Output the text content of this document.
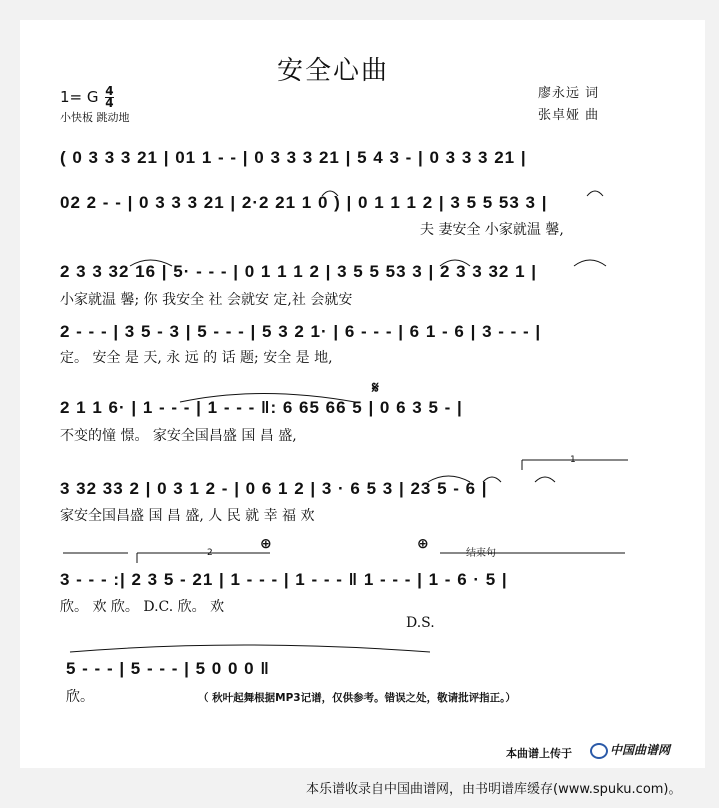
安全心曲
1= G $\frac{4}{4}$
小快板 跳动地
廖永远 词
张卓娅 曲
( 0 3 3 3 21 | 01 1 - - | 0 3 3 3 21 | 5 4 3 - | 0 3 3 3 21 |
02 2 - - | 0 3 3 3 21 | 2·2 21 1 0 ) | 0 1 1 1 2 | 3 5 5 53 3 |
夫 妻安全 小家就温 馨,
2 3 3 32 16 | 5· - - - | 0 1 1 1 2 | 3 5 5 53 3 | 2 3 3 32 1 |
小家就温 馨; 你 我安全 社 会就安 定,社 会就安
2 - - - | 3 5 - 3 | 5 - - - | 5 3 2 1· | 6 - - - | 6 1 - 6 | 3 - - - |
定。 安全 是 天, 永 远 的 话 题; 安全 是 地,
2 1 1 6· | 1 - - - | 1 - - - ‖: 6 65 66 5 | 0 6 3 5 - |
不变的憧 憬。 家安全国昌盛 国 昌 盛,
3 32 33 2 | 0 3 1 2 - | 0 6 1 2 | 3 · 6 5 3 | 23 5 - 6 |
家安全国昌盛 国 昌 盛, 人 民 就 幸 福 欢
3 - - - :| 2 3 5 - 21 | 1 - - - | 1 - - - ‖ 1 - - - | 1 - 6 · 5 |
欣。 欢 欣。 D.C. 欣。 欢
D.S.
5 - - - | 5 - - - | 5 0 0 0 ‖
欣。	（ 秋叶起舞根据MP3记谱，仅供参考。错误之处，敬请批评指正。）
𝄋
⊕	⊕
1
2	结束句
本曲谱上传于	中国曲谱网
本乐谱收录自中国曲谱网，由书明谱库缓存(www.spuku.com)。
